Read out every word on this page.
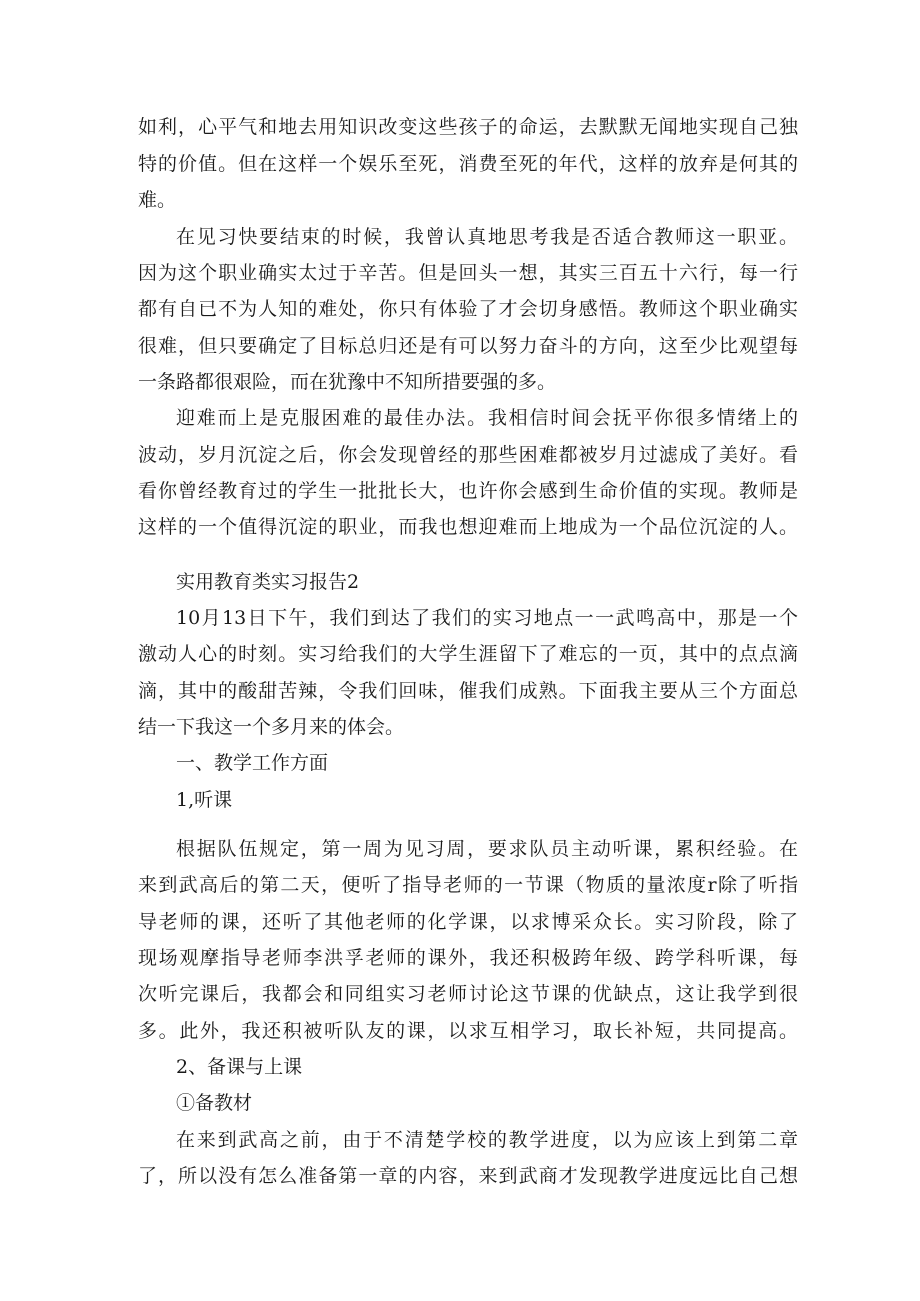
如利，心平气和地去用知识改变这些孩子的命运，去默默无闻地实现自己独
特的价值。但在这样一个娱乐至死，消费至死的年代，这样的放弃是何其的
难。
在见习快要结束的时候，我曾认真地思考我是否适合教师这一职亚。
因为这个职业确实太过于辛苦。但是回头一想，其实三百五十六行，每一行
都有自已不为人知的难处，你只有体验了才会切身感悟。教师这个职业确实
很难，但只要确定了目标总归还是有可以努力奋斗的方向，这至少比观望每
一条路都很艰险，而在犹豫中不知所措要强的多。
迎难而上是克服困难的最佳办法。我相信时间会抚平你很多情绪上的
波动，岁月沉淀之后，你会发现曾经的那些困难都被岁月过滤成了美好。看
看你曾经教育过的学生一批批长大，也许你会感到生命价值的实现。教师是
这样的一个值得沉淀的职业，而我也想迎难而上地成为一个品位沉淀的人。
实用教育类实习报告2
10月13日下午，我们到达了我们的实习地点一一武鸣高中，那是一个
激动人心的时刻。实习给我们的大学生涯留下了难忘的一页，其中的点点滴
滴，其中的酸甜苦辣，令我们回味，催我们成熟。下面我主要从三个方面总
结一下我这一个多月来的体会。
一、教学工作方面
1,听课
根据队伍规定，第一周为见习周，要求队员主动听课，累积经验。在
来到武高后的第二天，便听了指导老师的一节课（物质的量浓度r除了听指
导老师的课，还听了其他老师的化学课，以求博采众长。实习阶段，除了
现场观摩指导老师李洪孚老师的课外，我还积极跨年级、跨学科听课，每
次听完课后，我都会和同组实习老师讨论这节课的优缺点，这让我学到很
多。此外，我还积被听队友的课，以求互相学习，取长补短，共同提高。
2、备课与上课
①备教材
在来到武高之前，由于不清楚学校的教学进度，以为应该上到第二章
了，所以没有怎么准备第一章的内容，来到武商才发现教学进度远比自己想
